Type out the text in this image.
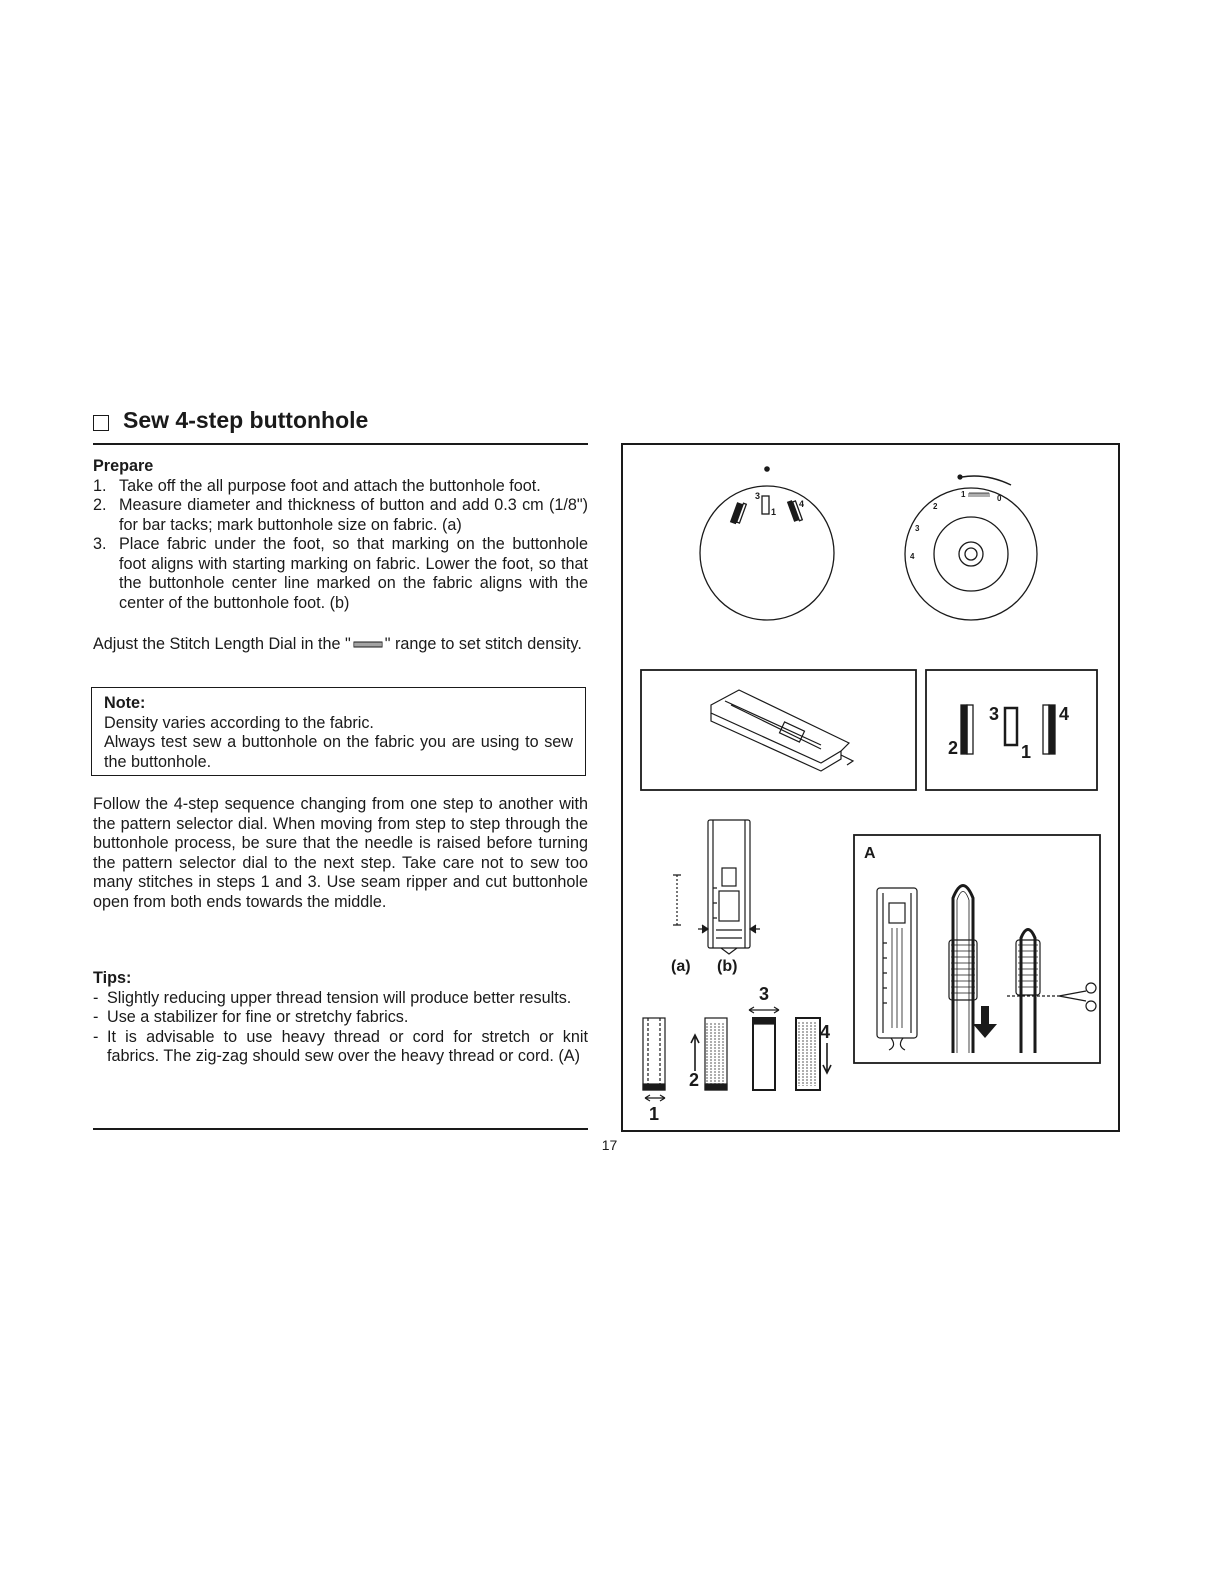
Sew 4-step buttonhole
Prepare
1. Take off the all purpose foot and attach the buttonhole foot.
2. Measure diameter and thickness of button and add 0.3 cm (1/8") for bar tacks; mark buttonhole size on fabric. (a)
3. Place fabric under the foot, so that marking on the buttonhole foot aligns with starting marking on fabric. Lower the foot, so that the buttonhole center line marked on the fabric aligns with the center of the buttonhole foot. (b)
Adjust the Stitch Length Dial in the " " range to set stitch density.
Note:
Density varies according to the fabric.
Always test sew a buttonhole on the fabric you are using to sew the buttonhole.
Follow the 4-step sequence changing from one step to another with the pattern selector dial. When moving from step to step through the buttonhole process, be sure that the needle is raised before turning the pattern selector dial to the next step. Take care not to sew too many stitches in steps 1 and 3. Use seam ripper and cut buttonhole open from both ends towards the middle.
Tips:
- Slightly reducing upper thread tension will produce better results.
- Use a stabilizer for fine or stretchy fabrics.
- It is advisable to use heavy thread or cord for stretch or knit fabrics. The zig-zag should sew over the heavy thread or cord. (A)
17
3
2
1
4
1	0
2
3
4
2
3
1
4
(a) (b)
1
2
3
4
A
